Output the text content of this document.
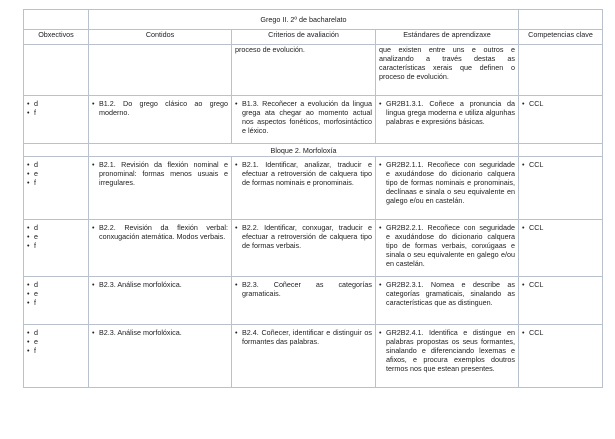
	Grego II. 2º de bacharelato			
Obxectivos	Contidos	Criterios de avaliación	Estándares de aprendizaxe	Competencias clave
		proceso de evolución.	que existen entre uns e outros e analizando a través destas as características xerais que definen o proceso de evolución.	

• d
• f	• B1.2. Do grego clásico ao grego moderno.	• B1.3. Recoñecer a evolución da lingua grega ata chegar ao momento actual nos aspectos fonéticos, morfosintáctico e léxico.	• GR2B1.3.1. Coñece a pronuncia da lingua grega moderna e utiliza algunhas palabras e expresións básicas.	• CCL

	Bloque 2. Morfoloxía			

• d
• e
• f	• B2.1. Revisión da flexión nominal e pronominal: formas menos usuais e irregulares.	• B2.1. Identificar, analizar, traducir e efectuar a retroversión de calquera tipo de formas nominais e pronominais.	• GR2B2.1.1. Recoñece con seguridade e axudándose do dicionario calquera tipo de formas nominais e pronominais, declínaas e sinala o seu equivalente en galego e/ou en castelán.	• CCL

• d
• e
• f	• B2.2. Revisión da flexión verbal: conxugación atemática. Modos verbais.	• B2.2. Identificar, conxugar, traducir e efectuar a retroversión de calquera tipo de formas verbais.	• GR2B2.2.1. Recoñece con seguridade e axudándose do dicionario calquera tipo de formas verbais, conxúgaas e sinala o seu equivalente en galego e/ou en castelán.	• CCL

• d
• e
• f	• B2.3. Análise morfolóxica.	• B2.3. Coñecer as categorías gramaticais.	• GR2B2.3.1. Nomea e describe as categorías gramaticais, sinalando as características que as distinguen.	• CCL

• d
• e
• f	• B2.3. Análise morfolóxica.	• B2.4. Coñecer, identificar e distinguir os formantes das palabras.	• GR2B2.4.1. Identifica e distingue en palabras propostas os seus formantes, sinalando e diferenciando lexemas e afixos, e procura exemplos doutros termos nos que estean presentes.	• CCL
